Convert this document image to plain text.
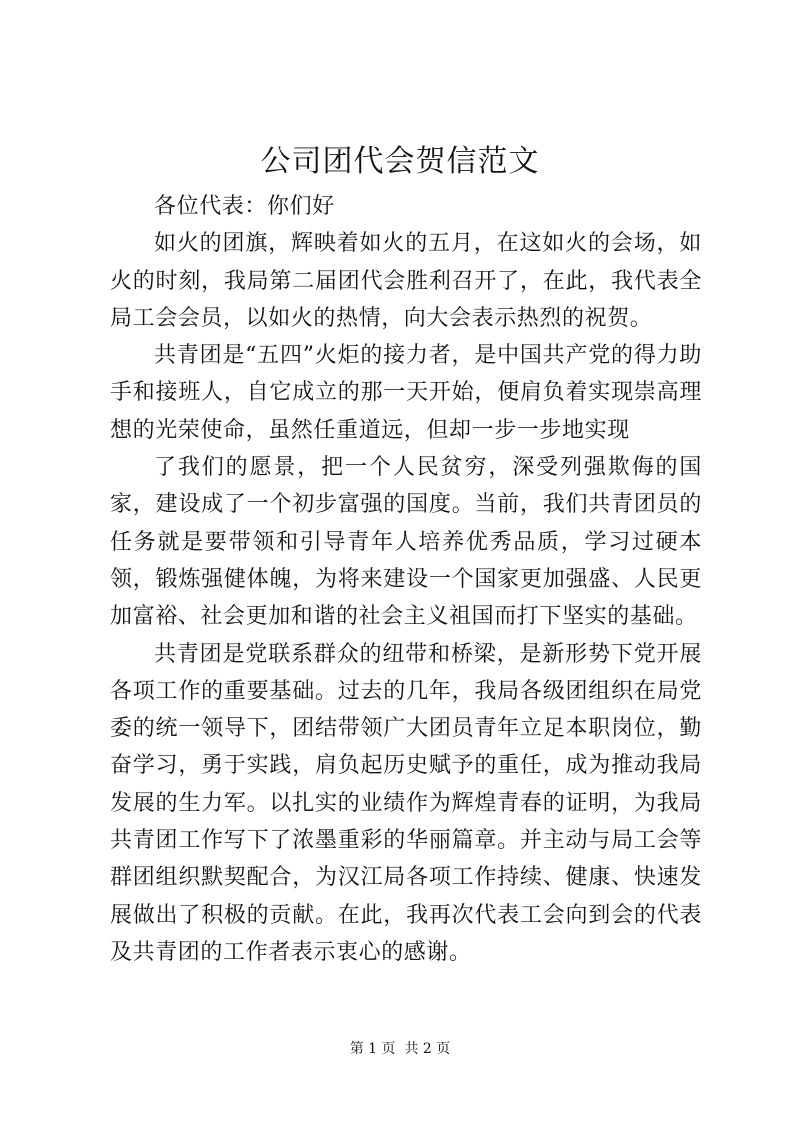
公司团代会贺信范文

各位代表：你们好

如火的团旗，辉映着如火的五月，在这如火的会场，如火的时刻，我局第二届团代会胜利召开了，在此，我代表全局工会会员，以如火的热情，向大会表示热烈的祝贺。

共青团是“五四”火炬的接力者，是中国共产党的得力助手和接班人，自它成立的那一天开始，便肩负着实现崇高理想的光荣使命，虽然任重道远，但却一步一步地实现

了我们的愿景，把一个人民贫穷，深受列强欺侮的国家，建设成了一个初步富强的国度。当前，我们共青团员的任务就是要带领和引导青年人培养优秀品质，学习过硬本领，锻炼强健体魄，为将来建设一个国家更加强盛、人民更加富裕、社会更加和谐的社会主义祖国而打下坚实的基础。

共青团是党联系群众的纽带和桥梁，是新形势下党开展各项工作的重要基础。过去的几年，我局各级团组织在局党委的统一领导下，团结带领广大团员青年立足本职岗位，勤奋学习，勇于实践，肩负起历史赋予的重任，成为推动我局发展的生力军。以扎实的业绩作为辉煌青春的证明，为我局共青团工作写下了浓墨重彩的华丽篇章。并主动与局工会等群团组织默契配合，为汉江局各项工作持续、健康、快速发展做出了积极的贡献。在此，我再次代表工会向到会的代表及共青团的工作者表示衷心的感谢。

第 1 页  共 2 页
